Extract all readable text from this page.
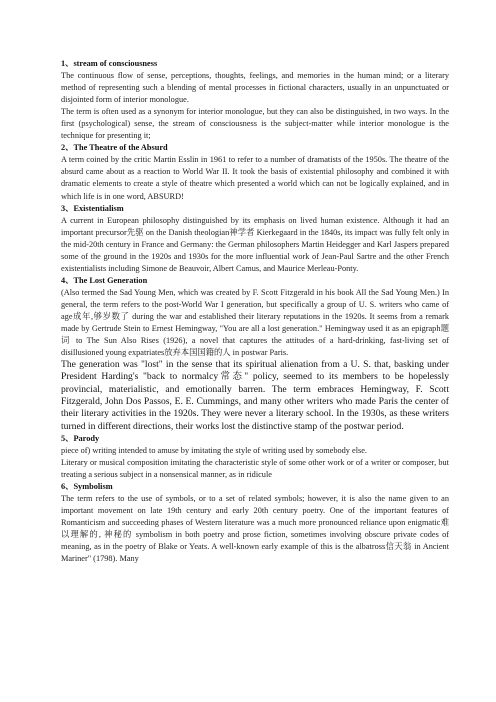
1、stream of consciousness

The continuous flow of sense, perceptions, thoughts, feelings, and memories in the human mind; or a literary method of representing such a blending of mental processes in fictional characters, usually in an unpunctuated or disjointed form of interior monologue.

The term is often used as a synonym for interior monologue, but they can also be distinguished, in two ways. In the first (psychological) sense, the stream of consciousness is the subject-matter while interior monologue is the technique for presenting it;

2、The Theatre of the Absurd

A term coined by the critic Martin Esslin in 1961 to refer to a number of dramatists of the 1950s. The theatre of the absurd came about as a reaction to World War II. It took the basis of existential philosophy and combined it with dramatic elements to create a style of theatre which presented a world which can not be logically explained, and in which life is in one word, ABSURD!

3、Existentialism

A current in European philosophy distinguished by its emphasis on lived human existence. Although it had an important precursor先驱 on the Danish theologian神学者 Kierkegaard in the 1840s, its impact was fully felt only in the mid-20th century in France and Germany: the German philosophers Martin Heidegger and Karl Jaspers prepared some of the ground in the 1920s and 1930s for the more influential work of Jean-Paul Sartre and the other French existentialists including Simone de Beauvoir, Albert Camus, and Maurice Merleau-Ponty.

4、The Lost Generation

(Also termed the Sad Young Men, which was created by F. Scott Fitzgerald in his book All the Sad Young Men.) In general, the term refers to the post-World War I generation, but specifically a group of U. S. writers who came of age成年,够岁数了 during the war and established their literary reputations in the 1920s. It seems from a remark made by Gertrude Stein to Ernest Hemingway, "You are all a lost generation." Hemingway used it as an epigraph题词 to The Sun Also Rises (1926), a novel that captures the attitudes of a hard-drinking, fast-living set of disillusioned young expatriates放弃本国国籍的人 in postwar Paris.

The generation was "lost" in the sense that its spiritual alienation from a U. S. that, basking under President Harding's "back to normalcy常态" policy, seemed to its members to be hopelessly provincial, materialistic, and emotionally barren. The term embraces Hemingway, F. Scott Fitzgerald, John Dos Passos, E. E. Cummings, and many other writers who made Paris the center of their literary activities in the 1920s. They were never a literary school. In the 1930s, as these writers turned in different directions, their works lost the distinctive stamp of the postwar period.

5、Parody

piece of) writing intended to amuse by imitating the style of writing used by somebody else.

Literary or musical composition imitating the characteristic style of some other work or of a writer or composer, but treating a serious subject in a nonsensical manner, as in ridicule

6、Symbolism

The term refers to the use of symbols, or to a set of related symbols; however, it is also the name given to an important movement on late 19th century and early 20th century poetry. One of the important features of Romanticism and succeeding phases of Western literature was a much more pronounced reliance upon enigmatic难以理解的, 神秘的 symbolism in both poetry and prose fiction, sometimes involving obscure private codes of meaning, as in the poetry of Blake or Yeats. A well-known early example of this is the albatross信天翁 in Ancient Mariner" (1798). Many
